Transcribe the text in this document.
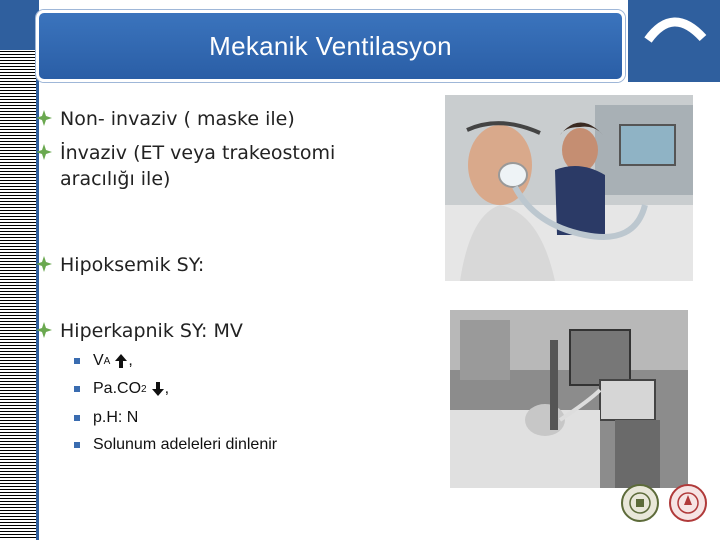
Mekanik Ventilasyon
Non- invaziv ( maske ile)
İnvaziv (ET veya trakeostomi aracılığı ile)
Hipoksemik SY:
Hiperkapnik SY: MV
V A ,
Pa.CO 2 ,
p.H: N
Solunum adeleleri dinlenir
